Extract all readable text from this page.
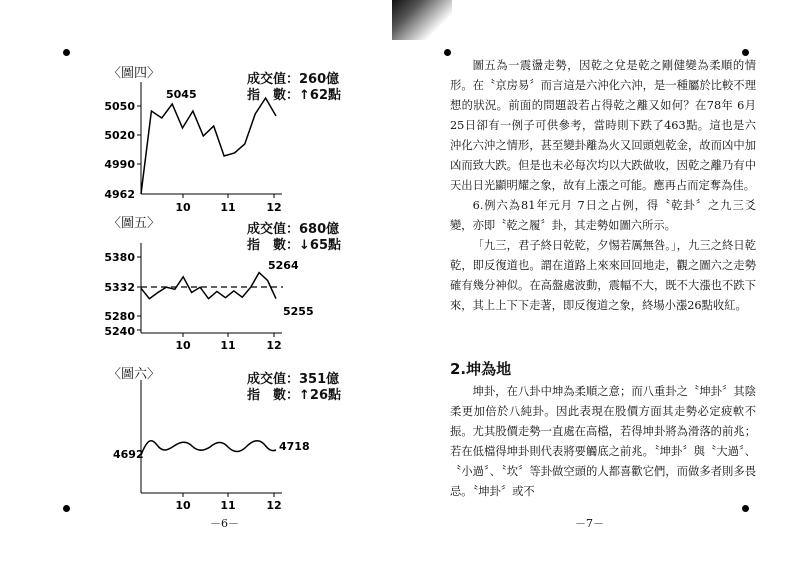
〈圖四〉	成交值：260億
指　數：↑62點
5050
5020
4990
4962
10	11	12
5045
〈圖五〉	成交值：680億
指　數：↓65點
5380
5332
5280
5240
10	11	12
5264
5255
〈圖六〉	成交值：351億
指　數：↑26點
10	11	12
4692
4718
－6－

圖五為一震盪走勢，因乾之兌是乾之剛健變為柔順的情形。在〝京房易〞而言這是六沖化六沖，是一種屬於比較不理想的狀況。前面的問題設若占得乾之離又如何？在78年 6月25日卻有一例子可供參考，當時則下跌了463點。這也是六沖化六沖之情形，甚至變卦離為火又回頭剋乾金，故而凶中加凶而致大跌。但是也未必每次均以大跌做收，因乾之離乃有中天出日光顯明耀之象，故有上漲之可能。應再占而定奪為佳。

6.例六為81年元月 7日之占例，得〝乾卦〞之九三爻變，亦即〝乾之履〞卦，其走勢如圖六所示。

「九三，君子終日乾乾，夕惕若厲無咎。」，九三之終日乾乾，即反復道也。謂在道路上來來回回地走，觀之圖六之走勢確有幾分神似。在高盤處波動，震幅不大，既不大漲也不跌下來，其上上下下走著，即反復道之象，終場小漲26點收紅。

2.坤為地

坤卦，在八卦中坤為柔順之意；而八重卦之〝坤卦〞其陰柔更加倍於八純卦。因此表現在股價方面其走勢必定疲軟不振。尤其股價走勢一直處在高檔，若得坤卦將為滑落的前兆；若在低檔得坤卦則代表將要觸底之前兆。〝坤卦〞與〝大過〞、〝小過〞、〝坎〞等卦做空頭的人都喜歡它們，而做多者則多畏忌。〝坤卦〞或不

－7－
